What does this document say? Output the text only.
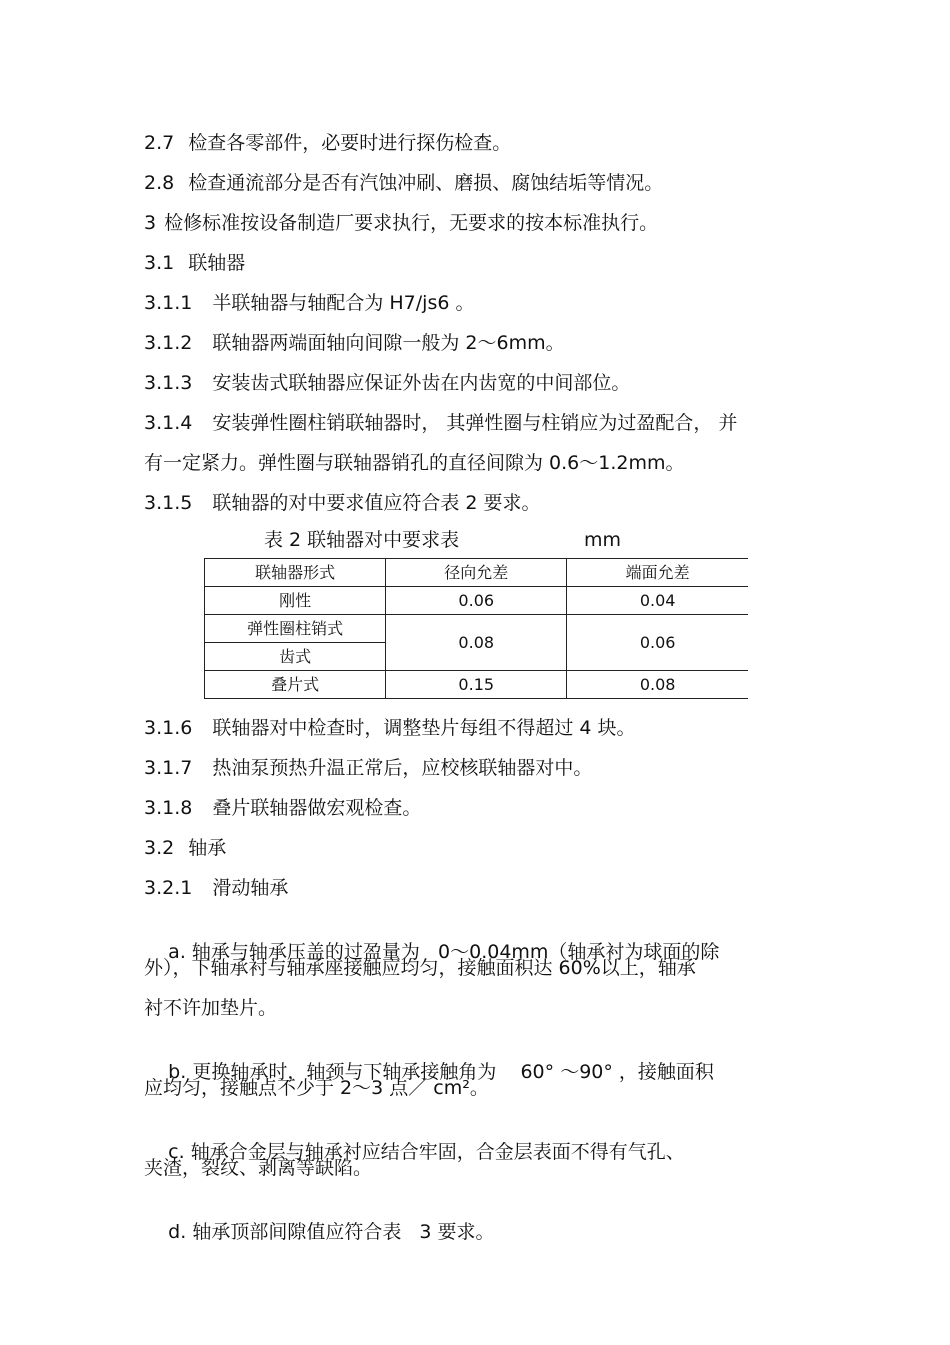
2.7 检查各零部件，必要时进行探伤检查。
2.8 检查通流部分是否有汽蚀冲刷、磨损、腐蚀结垢等情况。
3 检修标准按设备制造厂要求执行，无要求的按本标准执行。
3.1 联轴器
3.1.1 半联轴器与轴配合为 H7/js6 。
3.1.2 联轴器两端面轴向间隙一般为 2～6mm。
3.1.3 安装齿式联轴器应保证外齿在内齿宽的中间部位。
3.1.4 安装弹性圈柱销联轴器时， 其弹性圈与柱销应为过盈配合， 并
有一定紧力。弹性圈与联轴器销孔的直径间隙为 0.6～1.2mm。
3.1.5 联轴器的对中要求值应符合表 2 要求。
表 2 联轴器对中要求表	mm
联轴器形式	径向允差	端面允差
刚性	0.06	0.04
弹性圈柱销式	0.08	0.06
齿式		
叠片式	0.15	0.08
3.1.6 联轴器对中检查时，调整垫片每组不得超过 4 块。
3.1.7 热油泵预热升温正常后，应校核联轴器对中。
3.1.8 叠片联轴器做宏观检查。
3.2 轴承
3.2.1 滑动轴承

a. 轴承与轴承压盖的过盈量为   0～0.04mm（轴承衬为球面的除

外），下轴承衬与轴承座接触应均匀，接触面积达 60%以上，轴承
衬不许加垫片。

b. 更换轴承时，轴颈与下轴承接触角为    60° ～90° ，接触面积

应均匀，接触点不少于 2～3 点／ cm²。

c. 轴承合金层与轴承衬应结合牢固，合金层表面不得有气孔、

夹渣，裂纹、剥离等缺陷。

d. 轴承顶部间隙值应符合表   3 要求。
